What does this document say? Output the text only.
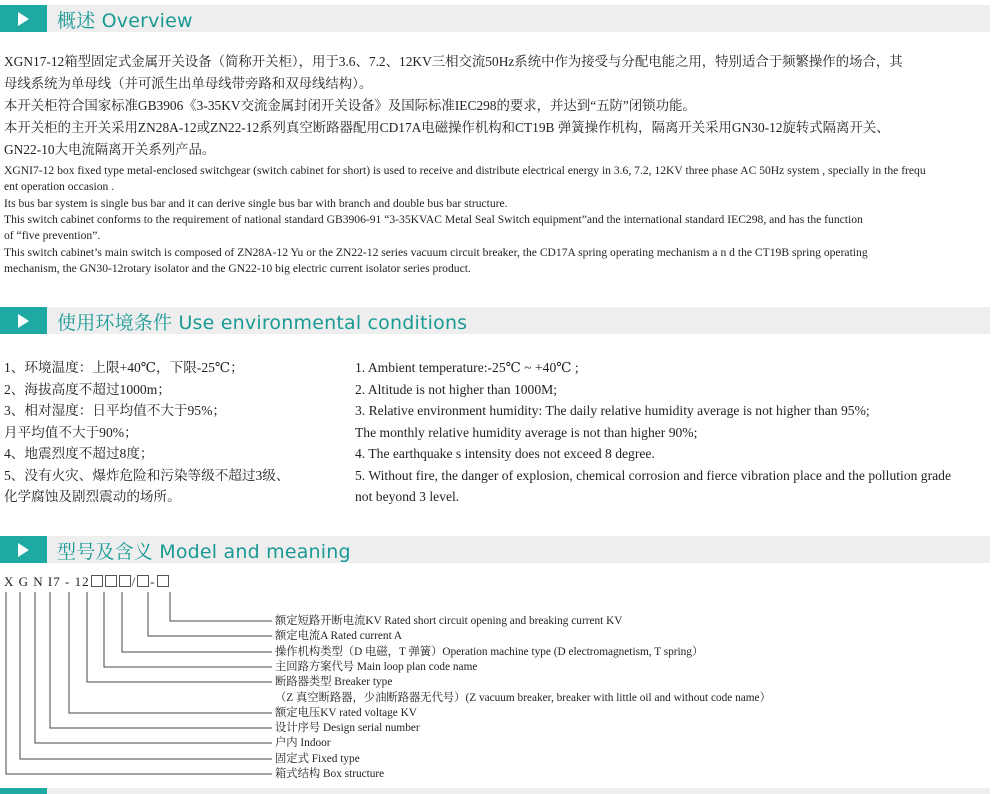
概述 Overview
XGN17-12箱型固定式金属开关设备（简称开关柜），用于3.6、7.2、12KV三相交流50Hz系统中作为接受与分配电能之用，特别适合于频繁操作的场合，其
母线系统为单母线（并可派生出单母线带旁路和双母线结构）。
本开关柜符合国家标准GB3906《3-35KV交流金属封闭开关设备》及国际标准IEC298的要求，并达到“五防”闭锁功能。
本开关柜的主开关采用ZN28A-12或ZN22-12系列真空断路器配用CD17A电磁操作机构和CT19B 弹簧操作机构，隔离开关采用GN30-12旋转式隔离开关、
GN22-10大电流隔离开关系列产品。
XGNI7-12 box fixed type metal-enclosed switchgear (switch cabinet for short) is used to receive and distribute electrical energy in 3.6, 7.2, 12KV three phase AC 50Hz system , specially in the frequ
ent operation occasion .
Its bus bar system is single bus bar and it can derive single bus bar with branch and double bus bar structure.
This switch cabinet conforms to the requirement of national standard GB3906-91 “3-35KVAC Metal Seal Switch equipment”and the international standard IEC298, and has the function
of “five prevention”.
This switch cabinet’s main switch is composed of ZN28A-12 Yu or the ZN22-12 series vacuum circuit breaker, the CD17A spring operating mechanism a n d the CT19B spring operating
mechanism, the GN30-12rotary isolator and the GN22-10 big electric current isolator series product.
使用环境条件 Use environmental conditions
1、环境温度：上限+40℃，下限-25℃；
2、海拔高度不超过1000m；
3、相对湿度：日平均值不大于95%；
月平均值不大于90%；
4、地震烈度不超过8度；
5、没有火灾、爆炸危险和污染等级不超过3级、
化学腐蚀及剧烈震动的场所。
1. Ambient temperature:-25℃ ~ +40℃ ;
2. Altitude is not higher than 1000M;
3. Relative environment humidity: The daily relative humidity average is not higher than 95%;
The monthly relative humidity average is not than higher 90%;
4. The earthquake s intensity does not exceed 8 degree.
5. Without fire, the danger of explosion, chemical corrosion and fierce vibration place and the pollution grade
not beyond 3 level.
型号及含义 Model and meaning
X G N I7 - 12	/ -
额定短路开断电流KV Rated short circuit opening and breaking current KV
额定电流A Rated current A
操作机构类型（D 电磁，T 弹簧）Operation machine type (D electromagnetism, T spring）
主回路方案代号 Main loop plan code name
断路器类型 Breaker type
（Z 真空断路器，少油断路器无代号）(Z vacuum breaker, breaker with little oil and without code name）
额定电压KV rated voltage KV
设计序号 Design serial number
户内 Indoor
固定式 Fixed type
箱式结构 Box structure
